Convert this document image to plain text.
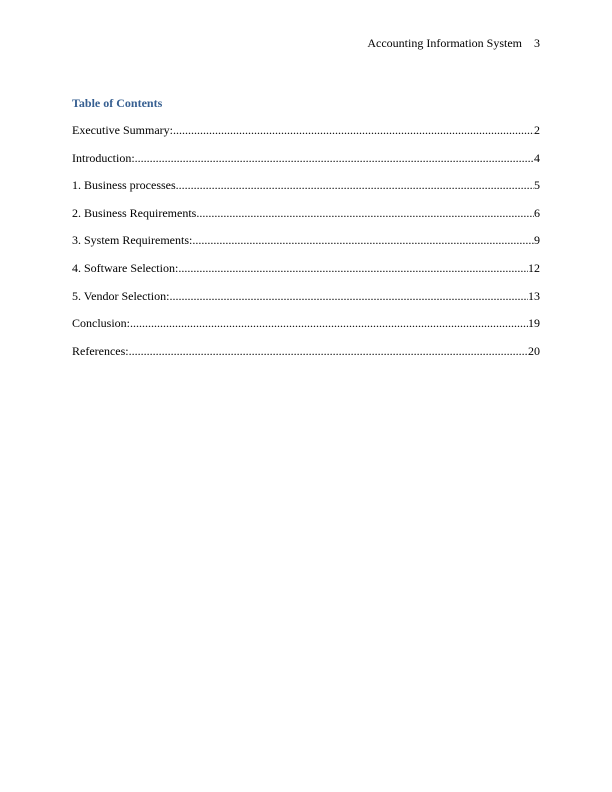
Accounting Information System 3
Table of Contents
Executive Summary: .....	2
Introduction: .....	4
1. Business processes .....	5
2. Business Requirements .....	6
3. System Requirements: .....	9
4. Software Selection: .....	12
5. Vendor Selection: .....	13
Conclusion: .....	19
References: .....	20
